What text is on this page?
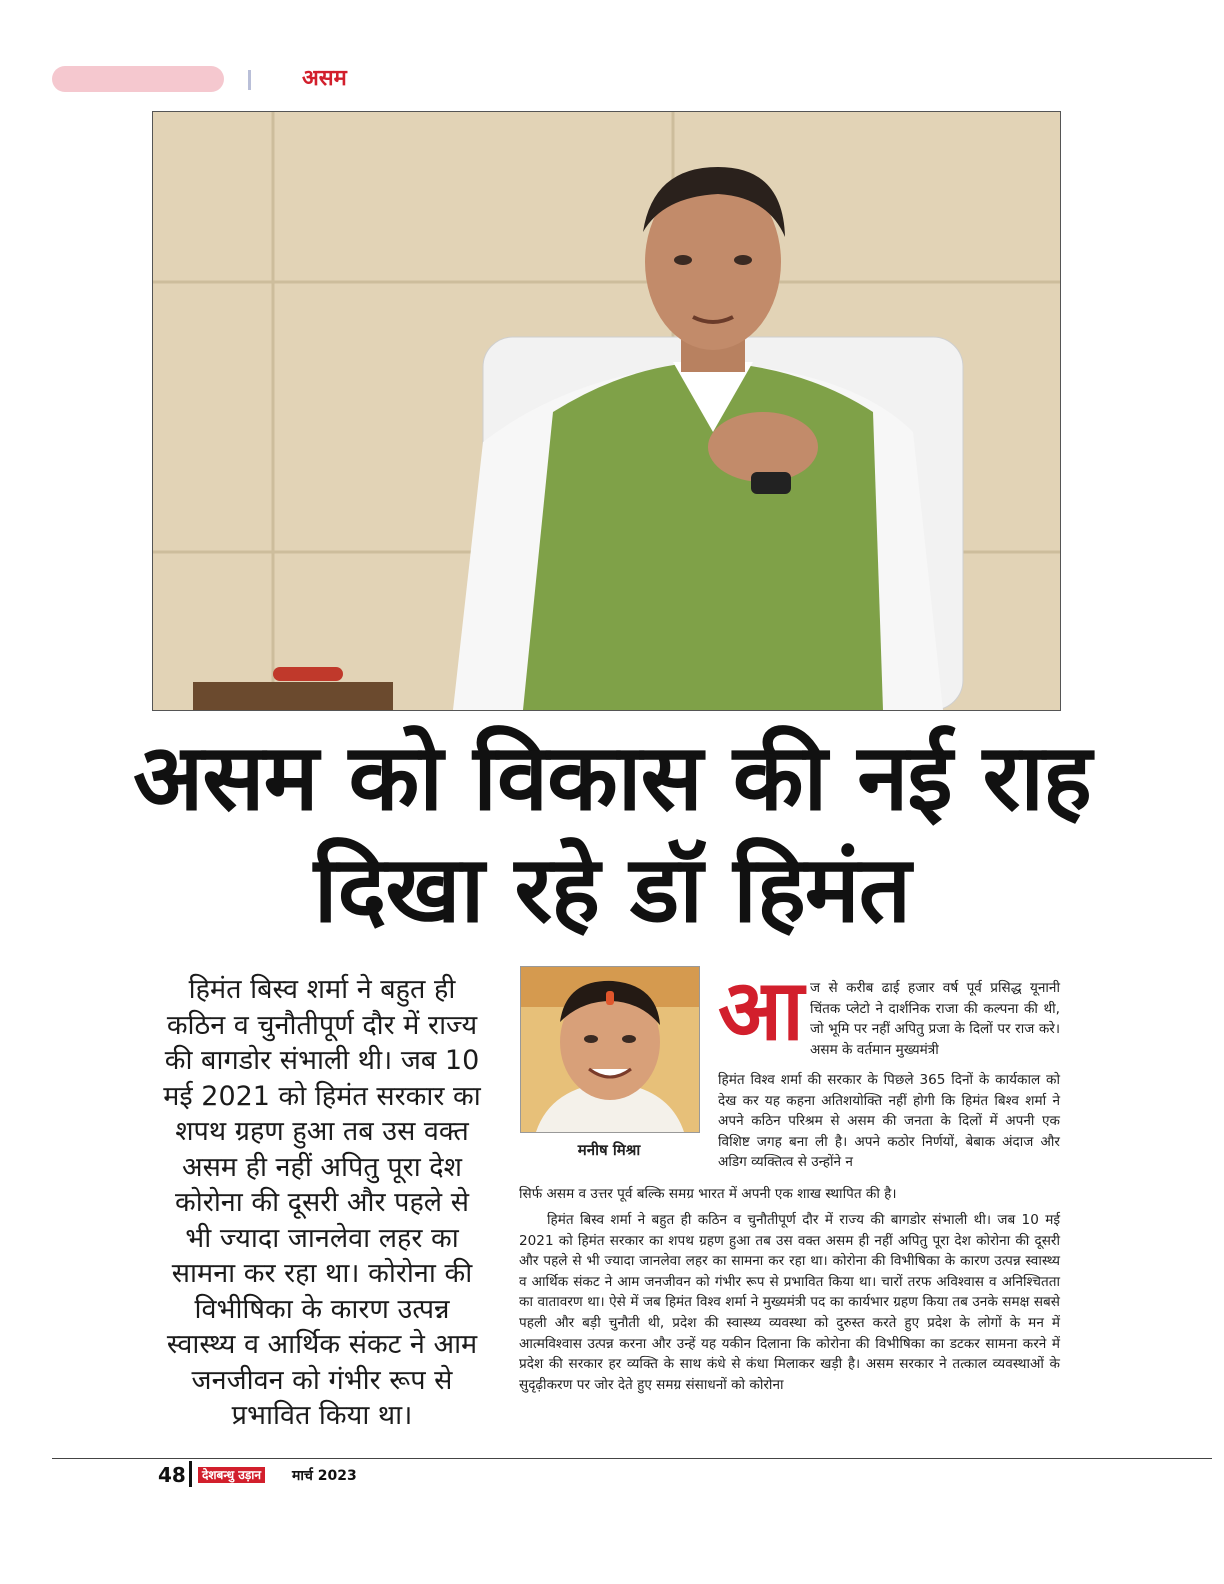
असम
असम को विकास की नई राह
दिखा रहे डॉ हिमंत
हिमंत बिस्व शर्मा ने बहुत ही कठिन व चुनौतीपूर्ण दौर में राज्य की बागडोर संभाली थी। जब 10 मई 2021 को हिमंत सरकार का शपथ ग्रहण हुआ तब उस वक्त असम ही नहीं अपितु पूरा देश कोरोना की दूसरी और पहले से भी ज्यादा जानलेवा लहर का सामना कर रहा था। कोरोना की विभीषिका के कारण उत्पन्न स्वास्थ्य व आर्थिक संकट ने आम जनजीवन को गंभीर रूप से प्रभावित किया था।
मनीष मिश्रा
आ ज से करीब ढाई हजार वर्ष पूर्व प्रसिद्ध यूनानी चिंतक प्लेटो ने दार्शनिक राजा की कल्पना की थी, जो भूमि पर नहीं अपितु प्रजा के दिलों पर राज करे। असम के वर्तमान मुख्यमंत्री
हिमंत विश्व शर्मा की सरकार के पिछले 365 दिनों के कार्यकाल को देख कर यह कहना अतिशयोक्ति नहीं होगी कि हिमंत बिश्व शर्मा ने अपने कठिन परिश्रम से असम की जनता के दिलों में अपनी एक विशिष्ट जगह बना ली है। अपने कठोर निर्णयों, बेबाक अंदाज और अडिग व्यक्तित्व से उन्होंने न
सिर्फ असम व उत्तर पूर्व बल्कि समग्र भारत में अपनी एक शाख स्थापित की है।
हिमंत बिस्व शर्मा ने बहुत ही कठिन व चुनौतीपूर्ण दौर में राज्य की बागडोर संभाली थी। जब 10 मई 2021 को हिमंत सरकार का शपथ ग्रहण हुआ तब उस वक्त असम ही नहीं अपितु पूरा देश कोरोना की दूसरी और पहले से भी ज्यादा जानलेवा लहर का सामना कर रहा था। कोरोना की विभीषिका के कारण उत्पन्न स्वास्थ्य व आर्थिक संकट ने आम जनजीवन को गंभीर रूप से प्रभावित किया था। चारों तरफ अविश्वास व अनिश्चितता का वातावरण था। ऐसे में जब हिमंत विश्व शर्मा ने मुख्यमंत्री पद का कार्यभार ग्रहण किया तब उनके समक्ष सबसे पहली और बड़ी चुनौती थी, प्रदेश की स्वास्थ्य व्यवस्था को दुरुस्त करते हुए प्रदेश के लोगों के मन में आत्मविश्वास उत्पन्न करना और उन्हें यह यकीन दिलाना कि कोरोना की विभीषिका का डटकर सामना करने में प्रदेश की सरकार हर व्यक्ति के साथ कंधे से कंधा मिलाकर खड़ी है। असम सरकार ने तत्काल व्यवस्थाओं के सुदृढ़ीकरण पर जोर देते हुए समग्र संसाधनों को कोरोना
48	देशबन्धु उड़ान मार्च 2023
